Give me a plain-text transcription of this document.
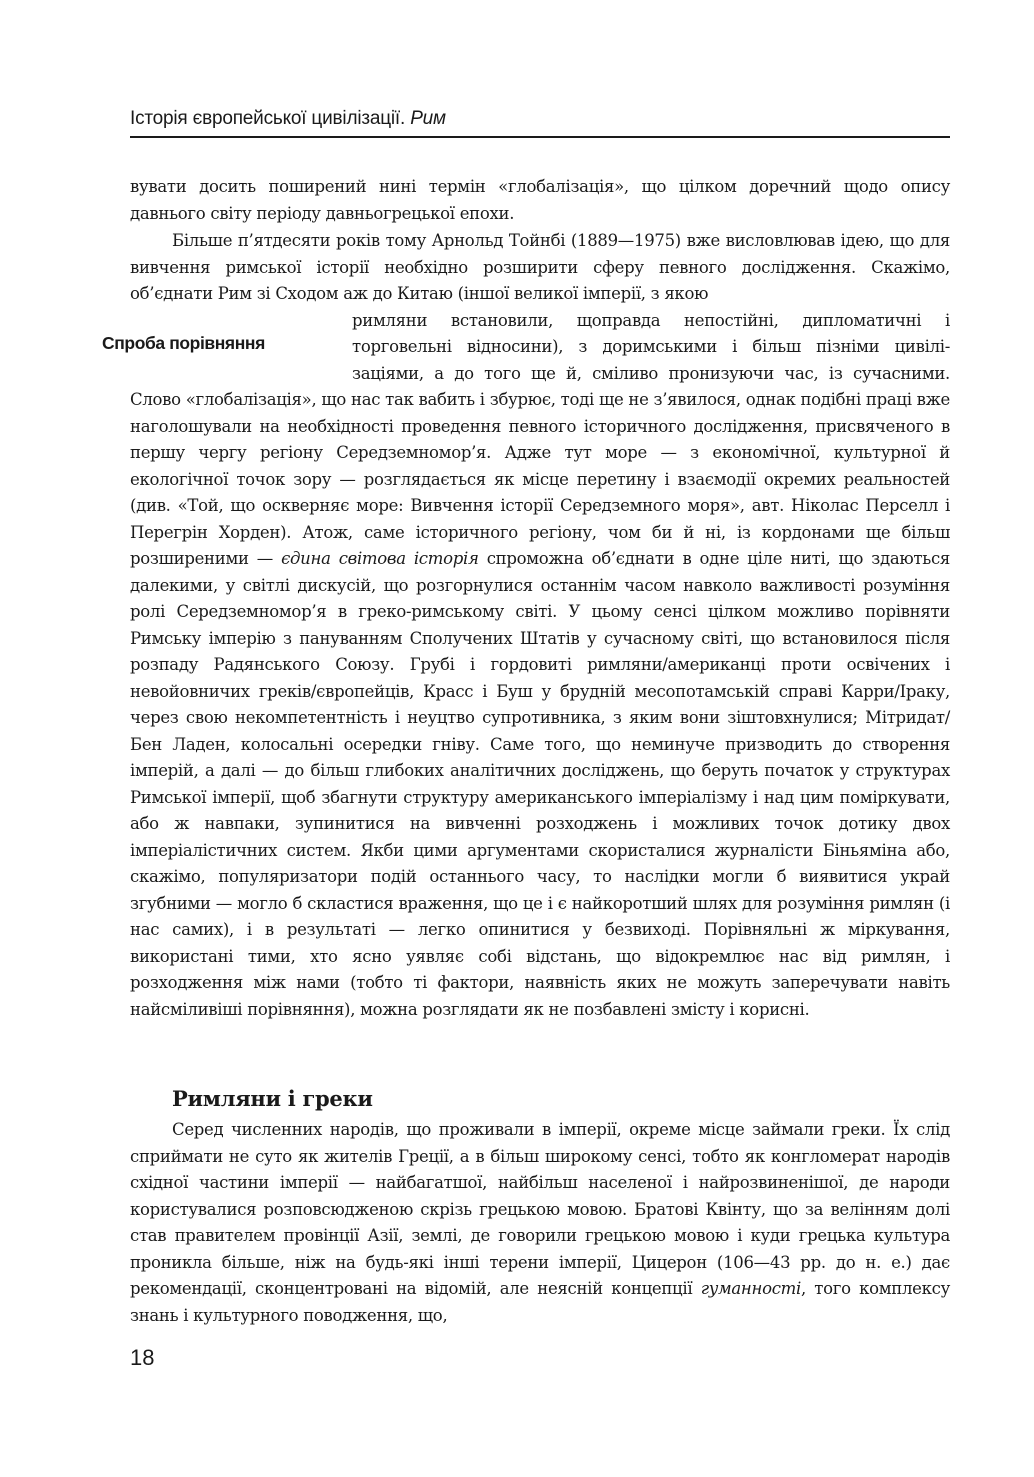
Історія європейської цивілізації. Рим

вувати досить поширений нині термін «глобалізація», що цілком доречний щодо опису давнього світу періоду давньогрецької епохи.

Спроба порівняння

Більше п’ятдесяти років тому Арнольд Тойнбі (1889—1975) вже висловлював ідею, що для вивчення римської історії необхідно розширити сферу певного дослідження. Скажімо, об’єднати Рим зі Сходом аж до Китаю (іншої великої імперії, з якою

римляни встановили, щоправда непостійні, дипломатичні і
торговельні відносини), з доримськими і більш пізніми цивілі-
заціями, а до того ще й, сміливо пронизуючи час, із сучасними.

Слово «глобалізація», що нас так вабить і збурює, тоді ще не з’явилося, однак подібні праці вже наголошували на необхідності проведення певного історичного дослідження, присвяченого в першу чергу регіону Середземномор’я. Адже тут море — з економічної, культурної й екологічної точок зору — розглядається як місце перетину і взаємодії окремих реальностей (див. «Той, що оскверняє море: Вивчення історії Середземного моря», авт. Ніколас Перселл і Перегрін Хорден). Атож, саме історичного регіону, чом би й ні, із кордонами ще більш розширеними — єдина світова історія спроможна об’єднати в одне ціле ниті, що здаються далекими, у світлі дискусій, що розгорнулися останнім часом навколо важливості розуміння ролі Середземномор’я в греко-римському світі. У цьому сенсі цілком можливо порівняти Римську імперію з пануванням Сполучених Штатів у сучасному світі, що встановилося після розпаду Радянського Союзу. Грубі і гордовиті римляни/американці проти освічених і невойовничих греків/європейців, Красс і Буш у брудній месопотамській справі Карри/Іраку, через свою некомпетентність і неуцтво супротивника, з яким вони зіштовхнулися; Мітридат/Бен Ладен, колосальні осередки гніву. Саме того, що неминуче призводить до створення імперій, а далі — до більш глибоких аналітичних досліджень, що беруть початок у структурах Римської імперії, щоб збагнути структуру американського імперіалізму і над цим поміркувати, або ж навпаки, зупинитися на вивченні розходжень і можливих точок дотику двох імперіалістичних систем. Якби цими аргументами скористалися журналісти Біньяміна або, скажімо, популяризатори подій останнього часу, то наслідки могли б виявитися украй згубними — могло б скластися враження, що це і є найкоротший шлях для розуміння римлян (і нас самих), і в результаті — легко опинитися у безвиході. Порівняльні ж міркування, використані тими, хто ясно уявляє собі відстань, що відокремлює нас від римлян, і розходження між нами (тобто ті фактори, наявність яких не можуть заперечувати навіть найсміливіші порівняння), можна розглядати як не позбавлені змісту і корисні.

Римляни і греки

Серед численних народів, що проживали в імперії, окреме місце займали греки. Їх слід сприймати не суто як жителів Греції, а в більш широкому сенсі, тобто як конгломерат народів східної частини імперії — найбагатшої, найбільш населеної і найрозвиненішої, де народи користувалися розповсюдженою скрізь грецькою мовою. Братові Квінту, що за велінням долі став правителем провінції Азії, землі, де говорили грецькою мовою і куди грецька культура проникла більше, ніж на будь-які інші терени імперії, Цицерон (106—43 рр. до н. е.) дає рекомендації, сконцентровані на відомій, але неясній концепції гуманності, того комплексу знань і культурного поводження, що,

18
